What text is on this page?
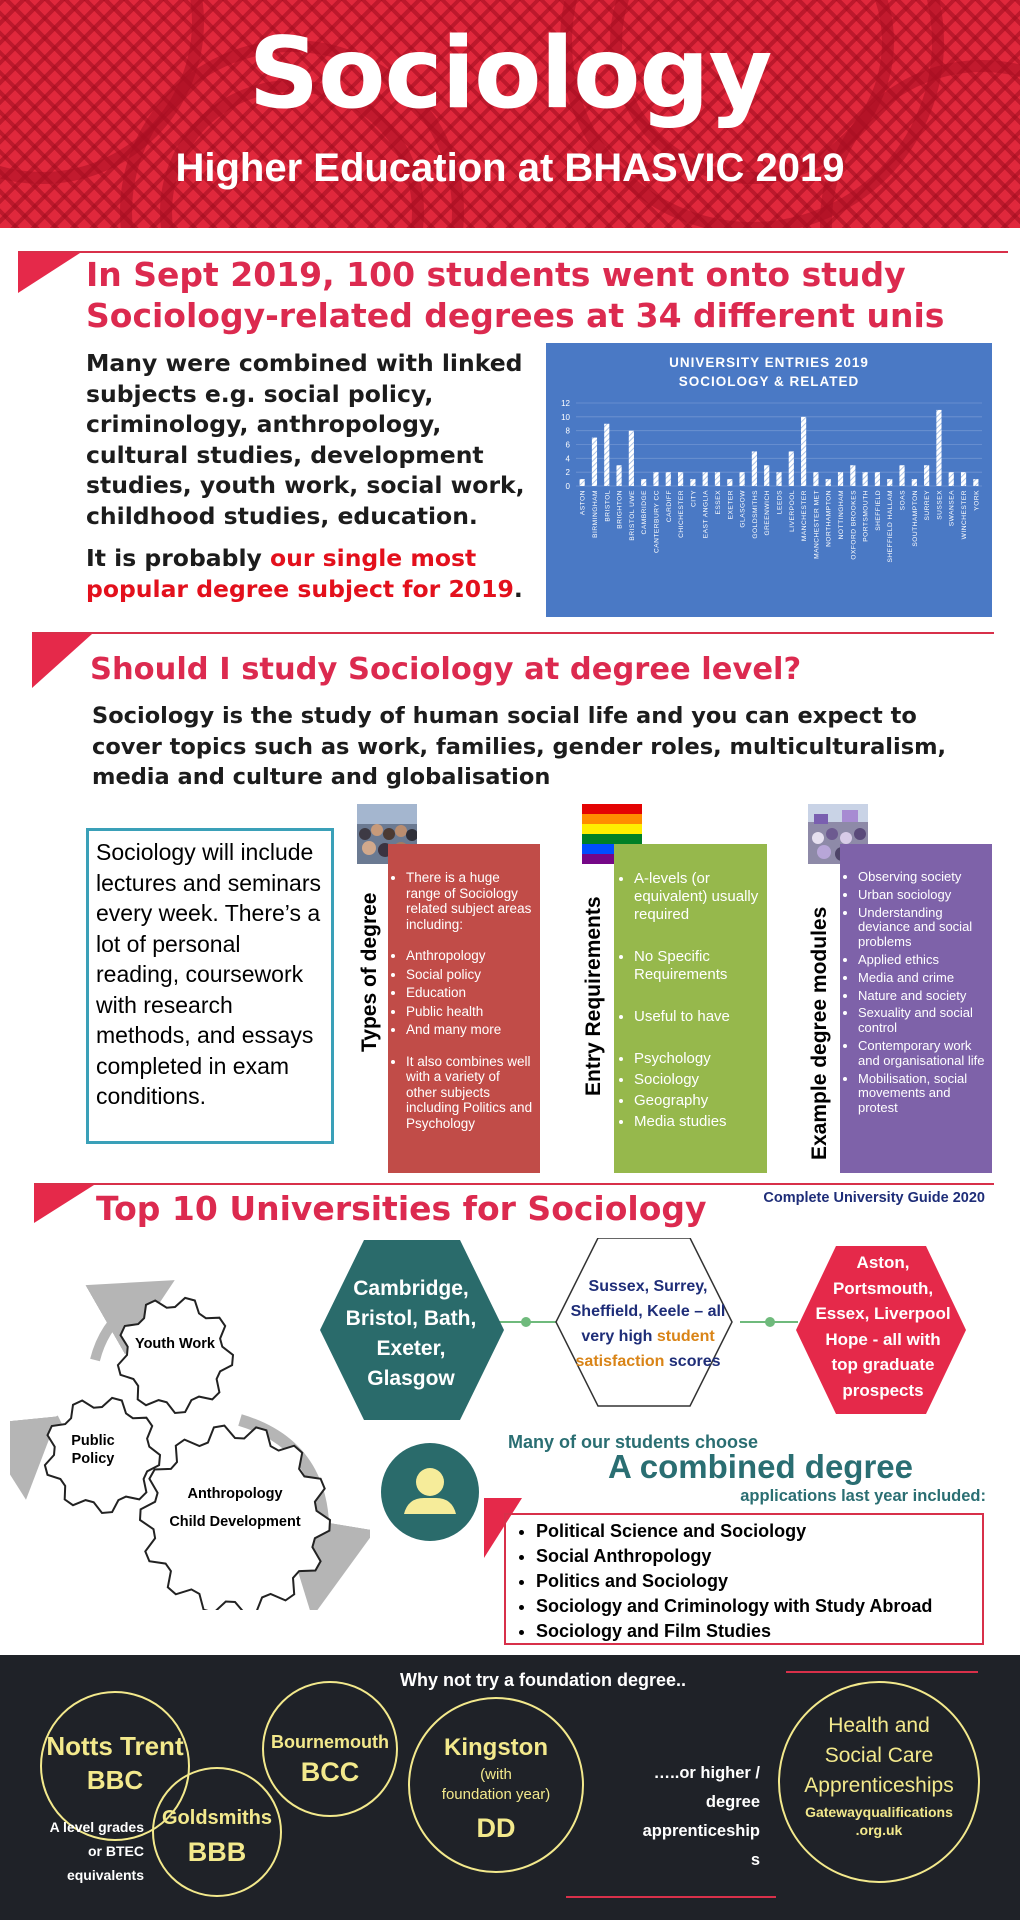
Sociology
Higher Education at BHASVIC 2019
In Sept 2019, 100 students went onto study
Sociology-related degrees at 34 different unis
Many were combined with linked subjects e.g. social policy, criminology, anthropology, cultural studies, development studies, youth work, social work, childhood studies, education.
It is probably our single most popular degree subject for 2019.
UNIVERSITY ENTRIES 2019
SOCIOLOGY & RELATED
0
2
4
6
8
10
12
ASTON BIRMINGHAM BRISTOL BRIGHTON BRISTOL UWE CAMBRIDGE CANTERBURY CC CARDIFF CHICHESTER CITY EAST ANGLIA ESSEX EXETER GLASGOW GOLDSMITHS GREENWICH LEEDS LIVERPOOL MANCHESTER MANCHESTER MET NORTHAMPTON NOTTINGHAM OXFORD BROOKES PORTSMOUTH SHEFFIELD SHEFFIELD HALLAM SOAS SOUTHAMPTON SURREY SUSSEX SWANSEA WINCHESTER YORK
Should I study Sociology at degree level?
Sociology is the study of human social life and you can expect to cover topics such as work, families, gender roles, multiculturalism, media and culture and globalisation
Sociology will include lectures and seminars every week. There’s a lot of personal reading, coursework with research methods, and essays completed in exam conditions.
Types of degree
• There is a huge range of Sociology related subject areas including:
• Anthropology
• Social policy
• Education
• Public health
• And many more
• It also combines well with a variety of other subjects including Politics and Psychology
Entry Requirements
• A-levels (or equivalent) usually required
• No Specific Requirements
• Useful to have
• Psychology
• Sociology
• Geography
• Media studies	Example degree modules
• Observing society
• Urban sociology
• Understanding deviance and social problems
• Applied ethics
• Media and crime
• Nature and society
• Sexuality and social control
• Contemporary work and organisational life
• Mobilisation, social movements and protest
Top 10 Universities for Sociology	Complete University Guide 2020
Youth Work
Public Policy
Anthropology
Child Development
Cambridge,
Bristol, Bath,
Exeter,
Glasgow
Sussex, Surrey, Sheffield, Keele – all very high student satisfaction scores
Aston,
Portsmouth,
Essex, Liverpool
Hope - all with
top graduate
prospects
Many of our students choose
A combined degree
applications last year included:
• Political Science and Sociology
• Social Anthropology
• Politics and Sociology
• Sociology and Criminology with Study Abroad
• Sociology and Film Studies
Why not try a foundation degree..
Notts Trent
BBC
Bournemouth
BCC
Goldsmiths
BBB
Kingston
(with
foundation year)
DD
A level grades
or BTEC
equivalents
…..or higher /
degree
apprenticeship
s
Health and
Social Care
Apprenticeships
Gatewayqualifications
.org.uk
